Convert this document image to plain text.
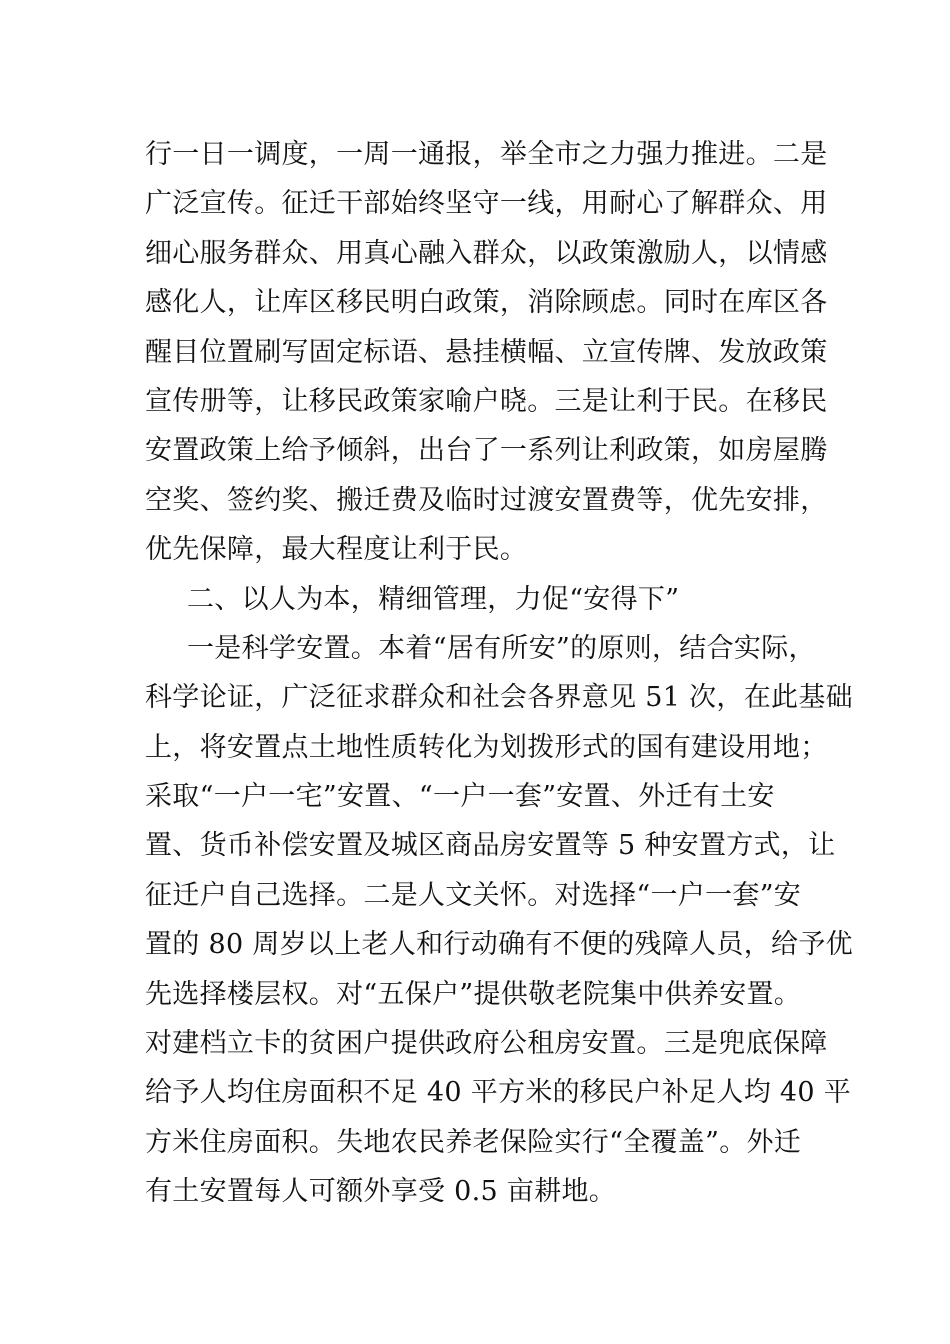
行一日一调度，一周一通报，举全市之力强力推进。二是
广泛宣传。征迁干部始终坚守一线，用耐心了解群众、用
细心服务群众、用真心融入群众，以政策激励人，以情感
感化人，让库区移民明白政策，消除顾虑。同时在库区各
醒目位置刷写固定标语、悬挂横幅、立宣传牌、发放政策
宣传册等，让移民政策家喻户晓。三是让利于民。在移民
安置政策上给予倾斜，出台了一系列让利政策，如房屋腾
空奖、签约奖、搬迁费及临时过渡安置费等，优先安排，
优先保障，最大程度让利于民。
二、以人为本，精细管理，力促“安得下”
一是科学安置。本着“居有所安”的原则，结合实际，
科学论证，广泛征求群众和社会各界意见 51 次，在此基础
上，将安置点土地性质转化为划拨形式的国有建设用地；
采取“一户一宅”安置、“一户一套”安置、外迁有土安
置、货币补偿安置及城区商品房安置等 5 种安置方式，让
征迁户自己选择。二是人文关怀。对选择“一户一套”安
置的 80 周岁以上老人和行动确有不便的残障人员，给予优
先选择楼层权。对“五保户”提供敬老院集中供养安置。
对建档立卡的贫困户提供政府公租房安置。三是兜底保障
给予人均住房面积不足 40 平方米的移民户补足人均 40 平
方米住房面积。失地农民养老保险实行“全覆盖”。外迁
有土安置每人可额外享受 0.5 亩耕地。
